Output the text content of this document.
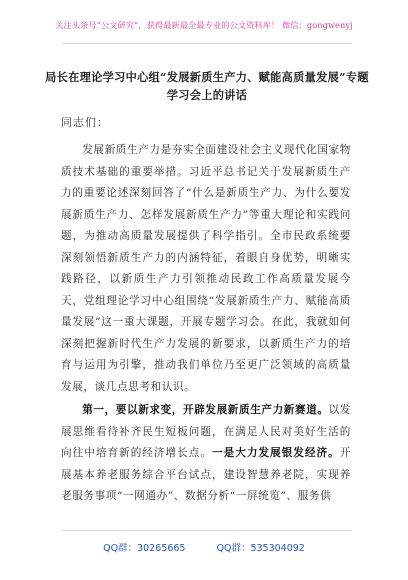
关注头条号“公文研究”，获得最新最全最专业的公文资料库！ 微信：gongwenyj
局长在理论学习中心组“发展新质生产力、赋能高质量发展”专题学习会上的讲话
同志们：

发展新质生产力是夯实全面建设社会主义现代化国家物质技术基础的重要举措。习近平总书记关于发展新质生产力的重要论述深刻回答了“什么是新质生产力、为什么要发展新质生产力、怎样发展新质生产力”等重大理论和实践问题，为推动高质量发展提供了科学指引。全市民政系统要深刻领悟新质生产力的内涵特征，着眼自身优势，明晰实践路径，以新质生产力引领推动民政工作高质量发展今天，党组理论学习中心组围绕“发展新质生产力、赋能高质量发展”这一重大课题，开展专题学习会。在此，我就如何深刻把握新时代生产力发展的新要求，以新质生产力的培育与运用为引擎，推动我们单位乃至更广泛领域的高质量发展，谈几点思考和认识。

第一，要以新求变，开辟发展新质生产力新赛道。以发展思维看待补齐民生短板问题，在满足人民对美好生活的向往中培育新的经济增长点。一是大力发展银发经济。开展基本养老服务综合平台试点，建设智慧养老院，实现养老服务事项“一网通办”、数据分析“一屏统览”、服务供

QQ群：30265665	QQ群：535304092
